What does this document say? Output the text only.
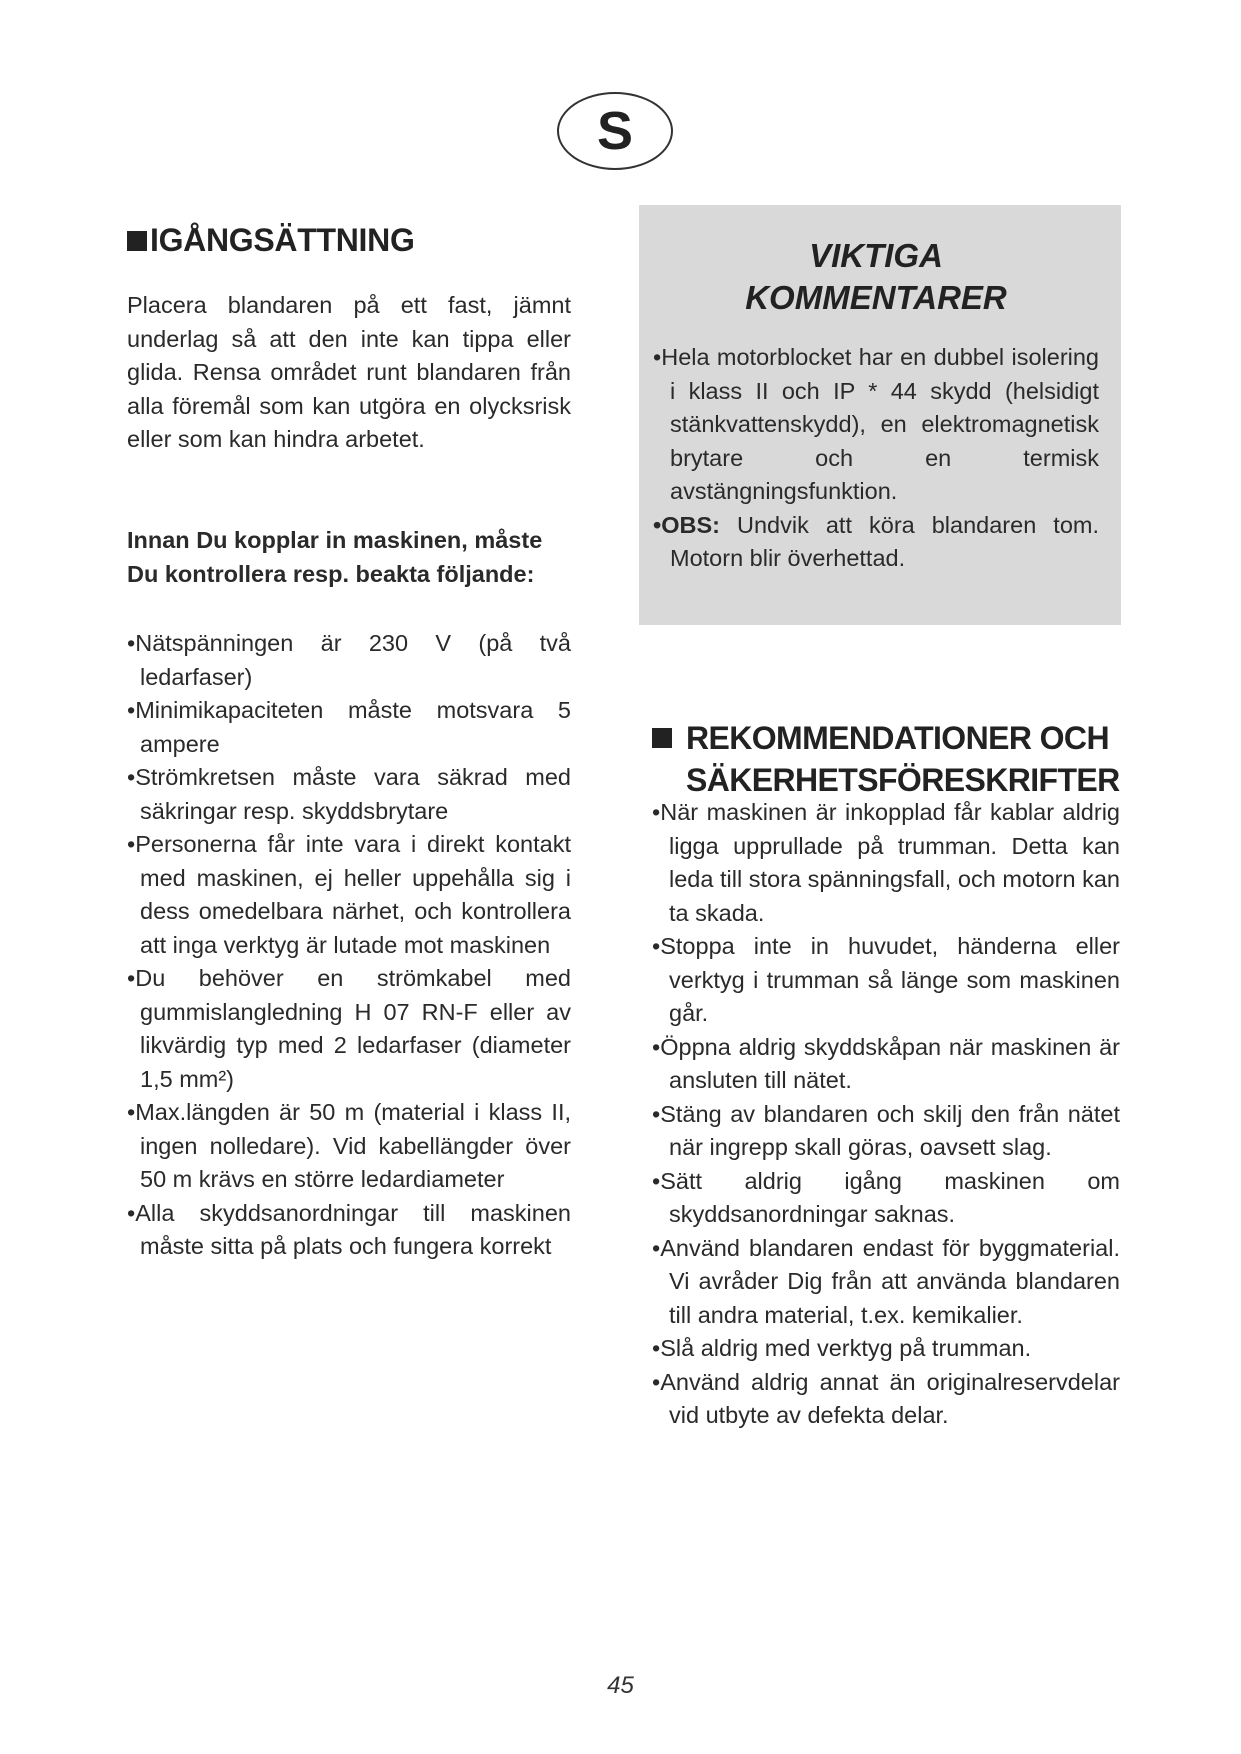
S
IGÅNGSÄTTNING

Placera blandaren på ett fast, jämnt underlag så att den inte kan tippa eller glida. Rensa området runt blandaren från alla föremål som kan utgöra en olycksrisk eller som kan hindra arbetet.

Innan Du kopplar in maskinen, måste Du kontrollera resp. beakta följande:

•Nätspänningen är 230 V (på två ledarfaser)
•Minimikapaciteten måste motsvara 5 ampere
•Strömkretsen måste vara säkrad med säkringar resp. skyddsbrytare
•Personerna får inte vara i direkt kontakt med maskinen, ej heller uppehålla sig i dess omedelbara närhet, och kontrollera att inga verktyg är lutade mot maskinen
•Du behöver en strömkabel med gummislangledning H 07 RN-F eller av likvärdig typ med 2 ledarfaser (diameter 1,5 mm²)
•Max.längden är 50 m (material i klass II, ingen nolledare). Vid kabellängder över 50 m krävs en större ledardiameter
•Alla skyddsanordningar till maskinen måste sitta på plats och fungera korrekt
VIKTIGA
KOMMENTARER
•Hela motorblocket har en dubbel isolering i klass II och IP * 44 skydd (helsidigt stänkvattenskydd), en elektromagnetisk brytare och en termisk avstängningsfunktion.
•OBS: Undvik att köra blandaren tom. Motorn blir överhettad.
REKOMMENDATIONER OCH
SÄKERHETSFÖRESKRIFTER
•När maskinen är inkopplad får kablar aldrig ligga upprullade på trumman. Detta kan leda till stora spänningsfall, och motorn kan ta skada.
•Stoppa inte in huvudet, händerna eller verktyg i trumman så länge som maskinen går.
•Öppna aldrig skyddskåpan när maskinen är ansluten till nätet.
•Stäng av blandaren och skilj den från nätet när ingrepp skall göras, oavsett slag.
•Sätt aldrig igång maskinen om skyddsanordningar saknas.
•Använd blandaren endast för byggmaterial. Vi avråder Dig från att använda blandaren till andra material, t.ex. kemikalier.
•Slå aldrig med verktyg på trumman.
•Använd aldrig annat än originalreservdelar vid utbyte av defekta delar.
45
